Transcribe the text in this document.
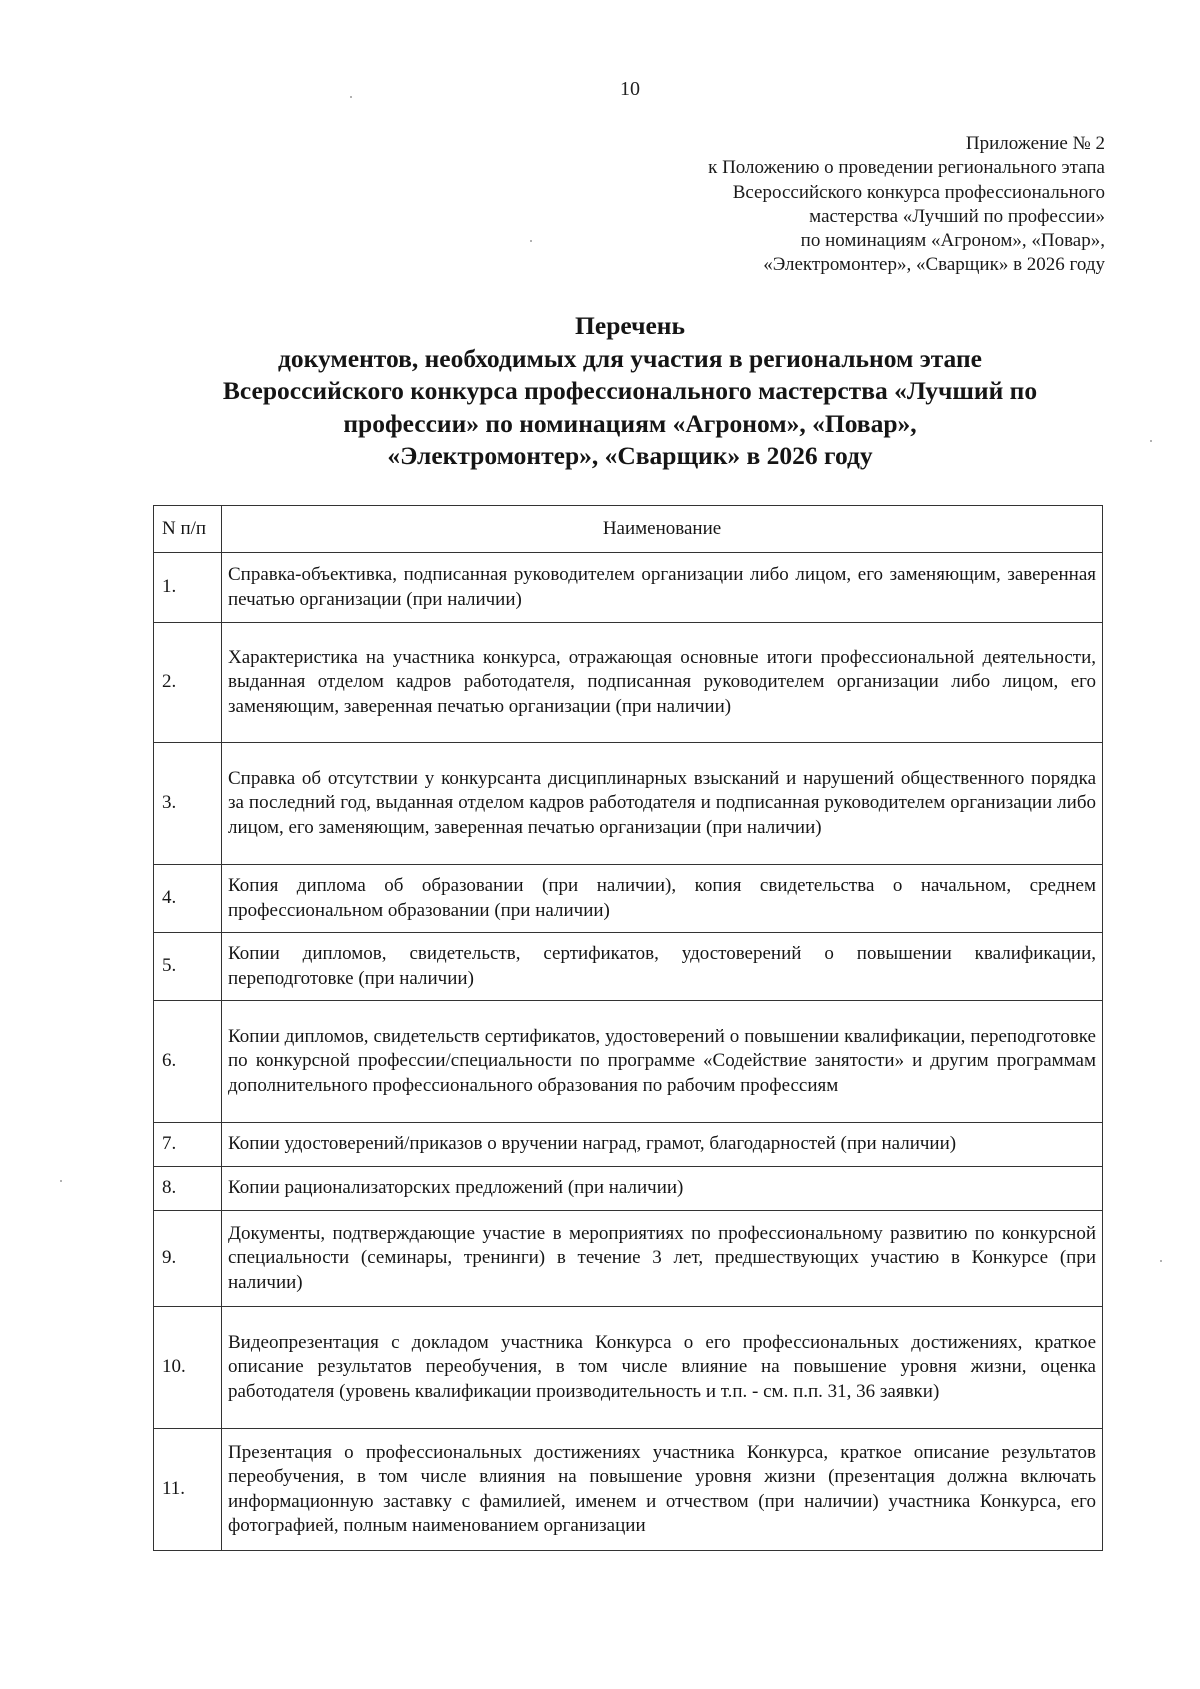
10
Приложение № 2
к Положению о проведении регионального этапа
Всероссийского конкурса профессионального
мастерства «Лучший по профессии»
по номинациям «Агроном», «Повар»,
«Электромонтер», «Сварщик» в 2026 году
Перечень
документов, необходимых для участия в региональном этапе
Всероссийского конкурса профессионального мастерства «Лучший по
профессии» по номинациям «Агроном», «Повар»,
«Электромонтер», «Сварщик» в 2026 году
N п/п	Наименование
1.	Справка-объективка, подписанная руководителем организации либо лицом, его заменяющим, заверенная печатью организации (при наличии)
2.	Характеристика на участника конкурса, отражающая основные итоги профессиональной деятельности, выданная отделом кадров работодателя, подписанная руководителем организации либо лицом, его заменяющим, заверенная печатью организации (при наличии)
3.	Справка об отсутствии у конкурсанта дисциплинарных взысканий и нарушений общественного порядка за последний год, выданная отделом кадров работодателя и подписанная руководителем организации либо лицом, его заменяющим, заверенная печатью организации (при наличии)
4.	Копия диплома об образовании (при наличии), копия свидетельства о начальном, среднем профессиональном образовании (при наличии)
5.	Копии дипломов, свидетельств, сертификатов, удостоверений о повышении квалификации, переподготовке (при наличии)
6.	Копии дипломов, свидетельств сертификатов, удостоверений о повышении квалификации, переподготовке по конкурсной профессии/специальности по программе «Содействие занятости» и другим программам дополнительного профессионального образования по рабочим профессиям
7.	Копии удостоверений/приказов о вручении наград, грамот, благодарностей (при наличии)
8.	Копии рационализаторских предложений (при наличии)
9.	Документы, подтверждающие участие в мероприятиях по профессиональному развитию по конкурсной специальности (семинары, тренинги) в течение 3 лет, предшествующих участию в Конкурсе (при наличии)
10.	Видеопрезентация с докладом участника Конкурса о его профессиональных достижениях, краткое описание результатов переобучения, в том числе влияние на повышение уровня жизни, оценка работодателя (уровень квалификации производительность и т.п. - см. п.п. 31, 36 заявки)
11.	Презентация о профессиональных достижениях участника Конкурса, краткое описание результатов переобучения, в том числе влияния на повышение уровня жизни (презентация должна включать информационную заставку с фамилией, именем и отчеством (при наличии) участника Конкурса, его фотографией, полным наименованием организации
